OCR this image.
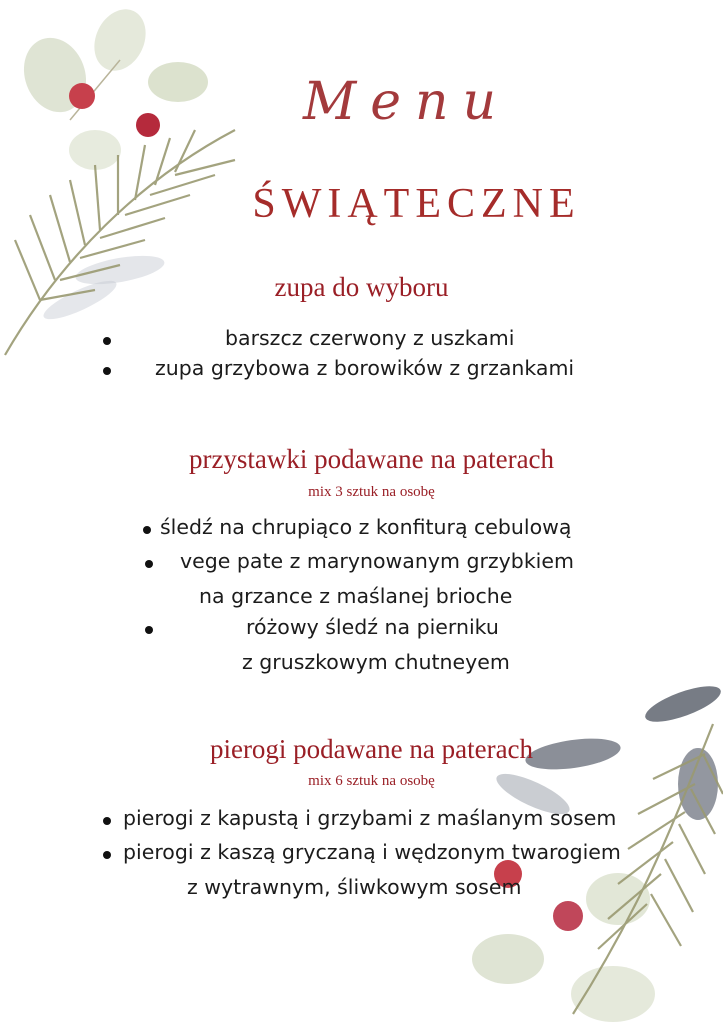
Menu
ŚWIĄTECZNE
zupa do wyboru
barszcz czerwony z uszkami
zupa grzybowa z borowików z grzankami
przystawki podawane na paterach
mix 3 sztuk na osobę
śledź na chrupiąco z konfiturą cebulową
vege pate z marynowanym grzybkiem
na grzance z maślanej brioche
różowy śledź na pierniku
z gruszkowym chutneyem
pierogi podawane na paterach
mix 6 sztuk na osobę
pierogi z kapustą i grzybami z maślanym sosem
pierogi z kaszą gryczaną i wędzonym twarogiem
z wytrawnym, śliwkowym sosem
